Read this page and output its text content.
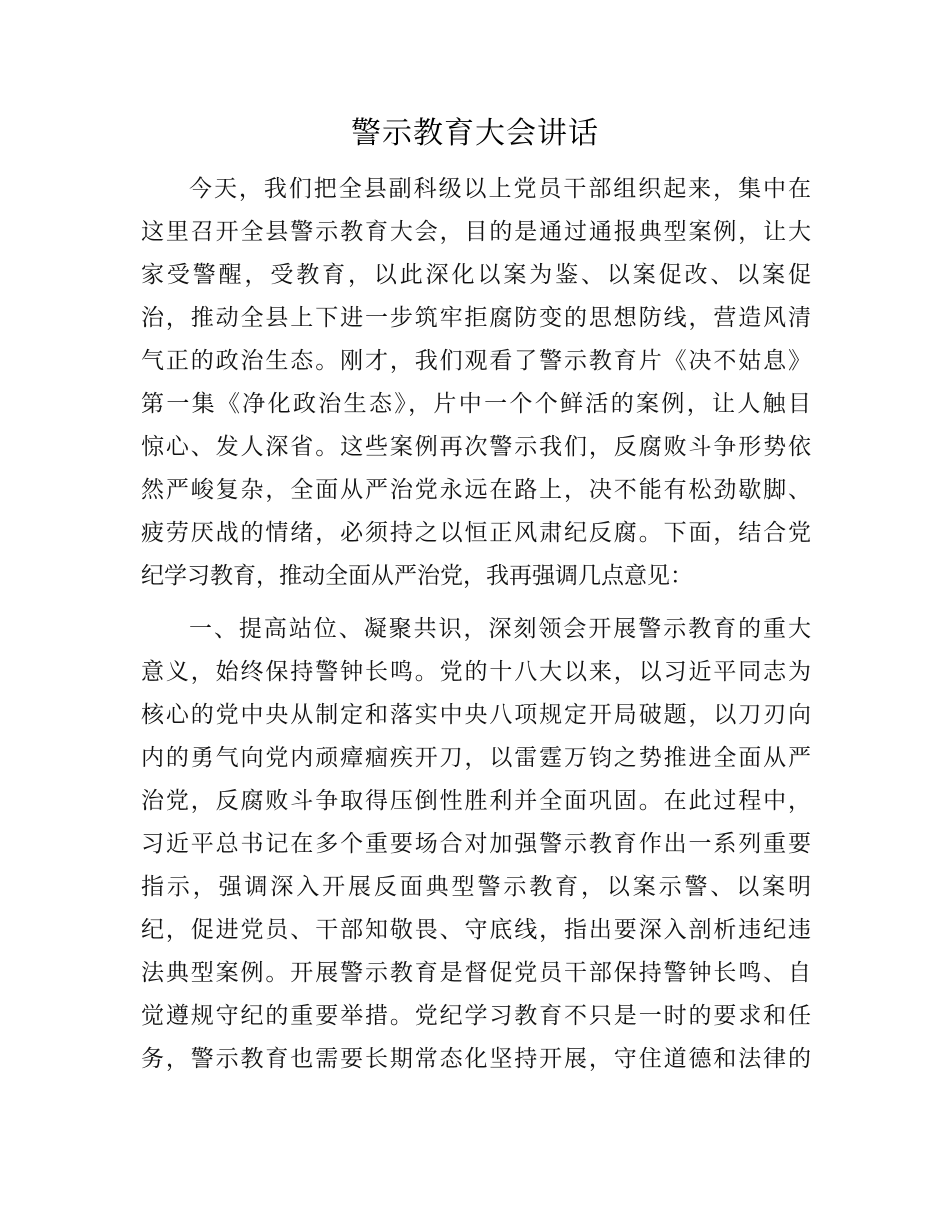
警示教育大会讲话
今天，我们把全县副科级以上党员干部组织起来，集中在
这里召开全县警示教育大会，目的是通过通报典型案例，让大
家受警醒，受教育，以此深化以案为鉴、以案促改、以案促
治，推动全县上下进一步筑牢拒腐防变的思想防线，营造风清
气正的政治生态。刚才，我们观看了警示教育片《决不姑息》
第一集《净化政治生态》，片中一个个鲜活的案例，让人触目
惊心、发人深省。这些案例再次警示我们，反腐败斗争形势依
然严峻复杂，全面从严治党永远在路上，决不能有松劲歇脚、
疲劳厌战的情绪，必须持之以恒正风肃纪反腐。下面，结合党
纪学习教育，推动全面从严治党，我再强调几点意见：
一、提高站位、凝聚共识，深刻领会开展警示教育的重大
意义，始终保持警钟长鸣。党的十八大以来，以习近平同志为
核心的党中央从制定和落实中央八项规定开局破题，以刀刃向
内的勇气向党内顽瘴痼疾开刀，以雷霆万钧之势推进全面从严
治党，反腐败斗争取得压倒性胜利并全面巩固。在此过程中，
习近平总书记在多个重要场合对加强警示教育作出一系列重要
指示，强调深入开展反面典型警示教育，以案示警、以案明
纪，促进党员、干部知敬畏、守底线，指出要深入剖析违纪违
法典型案例。开展警示教育是督促党员干部保持警钟长鸣、自
觉遵规守纪的重要举措。党纪学习教育不只是一时的要求和任
务，警示教育也需要长期常态化坚持开展，守住道德和法律的
